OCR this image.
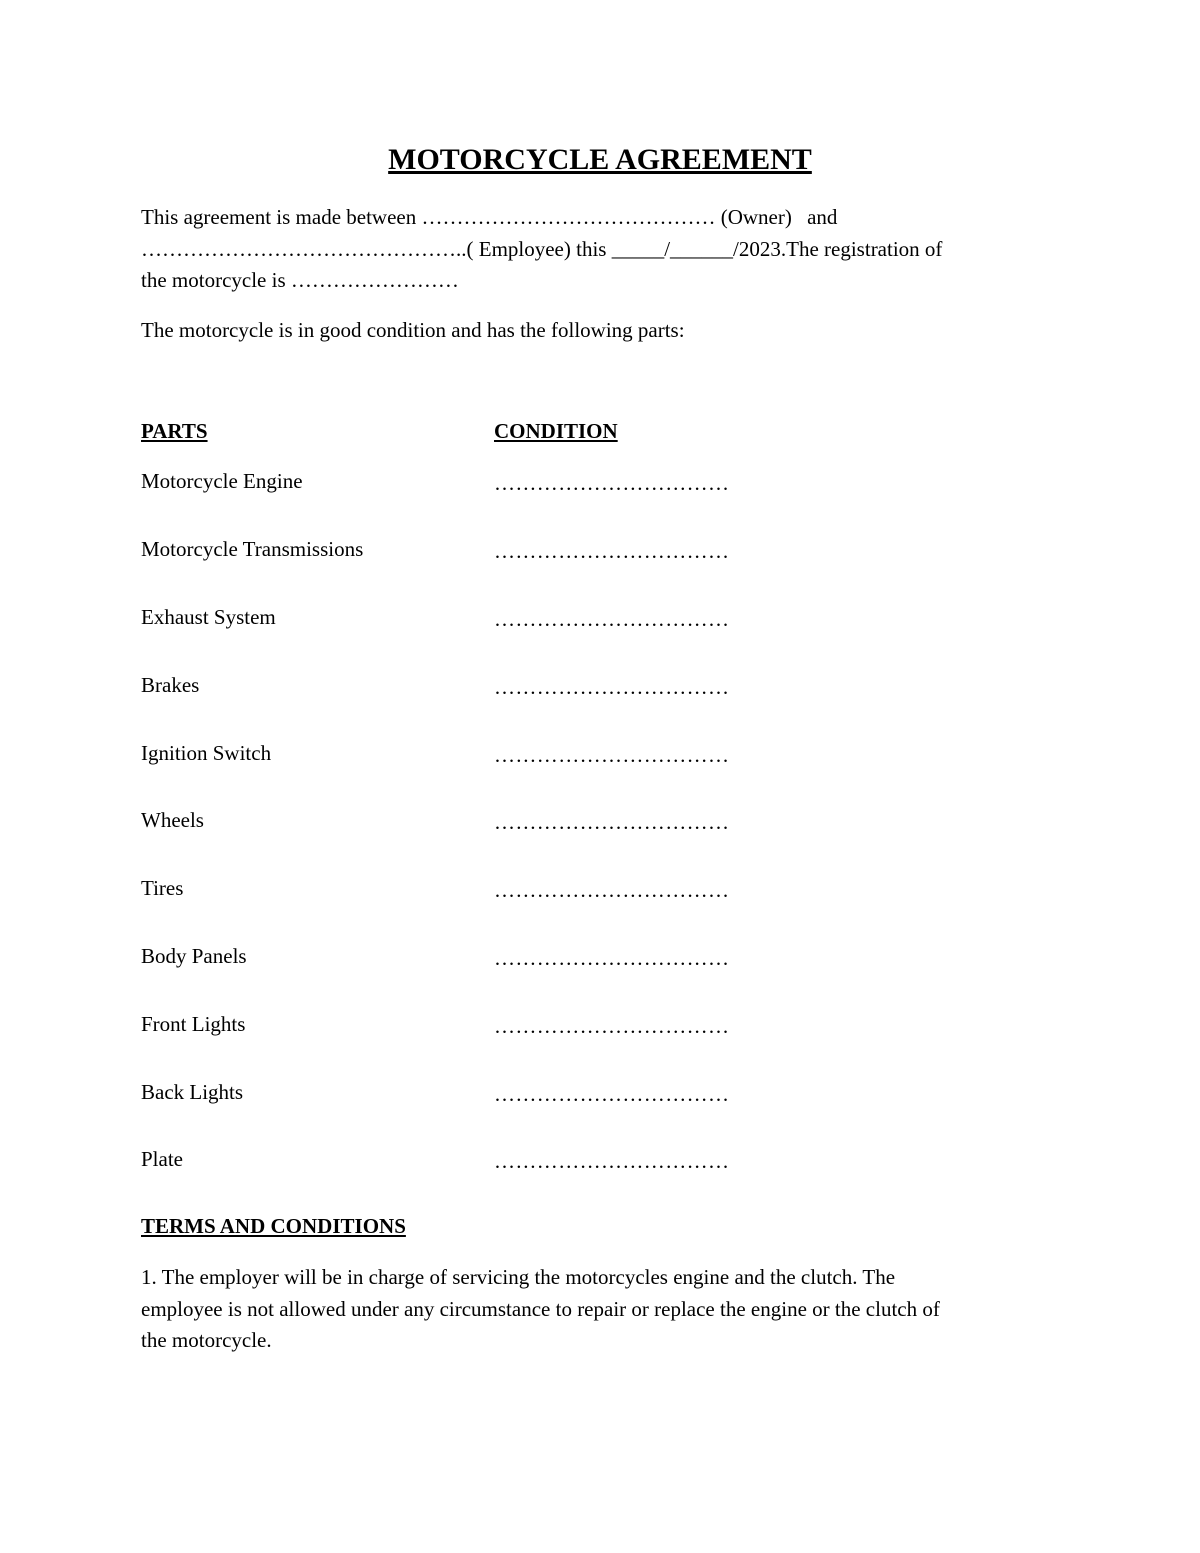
MOTORCYCLE AGREEMENT
This agreement is made between …………………………………… (Owner) and
………………………………………..( Employee) this _____/______/2023.The registration of
the motorcycle is ……………………
The motorcycle is in good condition and has the following parts:
PARTS	CONDITION
Motorcycle Engine	……………………………
Motorcycle Transmissions	……………………………
Exhaust System	……………………………
Brakes	……………………………
Ignition Switch	……………………………
Wheels	……………………………
Tires	……………………………
Body Panels	……………………………
Front Lights	……………………………
Back Lights	……………………………
Plate	……………………………
TERMS AND CONDITIONS
1. The employer will be in charge of servicing the motorcycles engine and the clutch. The
employee is not allowed under any circumstance to repair or replace the engine or the clutch of
the motorcycle.
